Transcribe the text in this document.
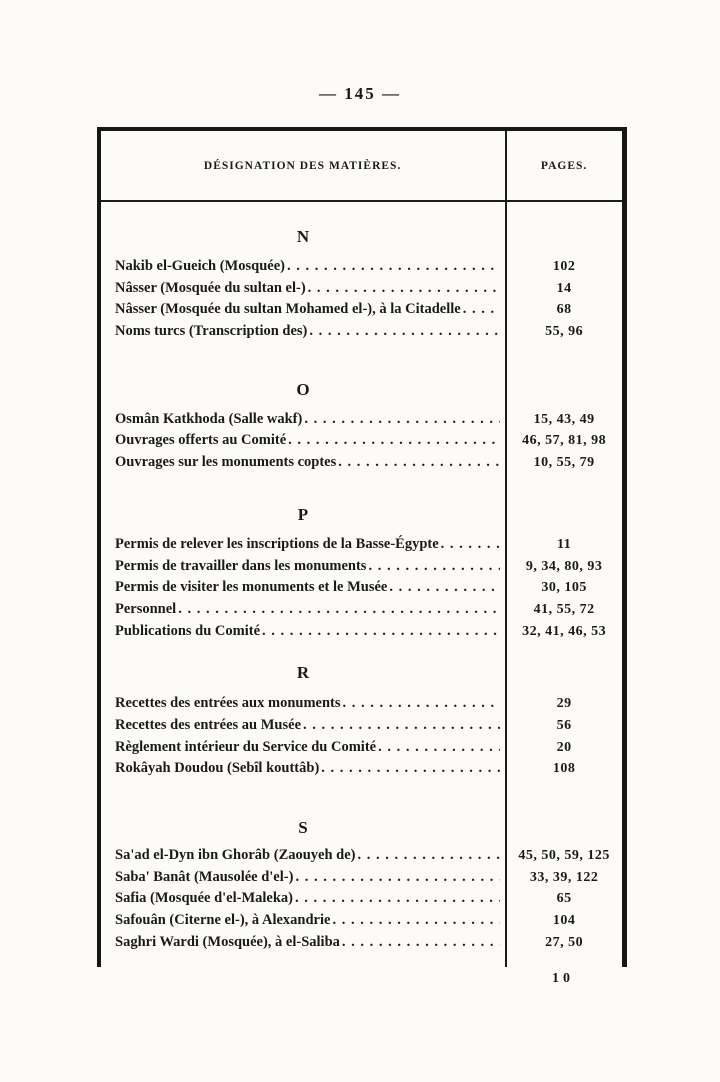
— 145 —
DÉSIGNATION DES MATIÈRES.	PAGES.
N
Nakib el-Gueich (Mosquée) . . .	102
Nâsser (Mosquée du sultan el-) . . .	14
Nâsser (Mosquée du sultan Mohamed el-), à la Citadelle . . .	68
Noms turcs (Transcription des) . . .	55, 96
O
Osmân Katkhoda (Salle wakf) . . .	15, 43, 49
Ouvrages offerts au Comité . . .	46, 57, 81, 98
Ouvrages sur les monuments coptes . . .	10, 55, 79
P
Permis de relever les inscriptions de la Basse-Égypte . . .	11
Permis de travailler dans les monuments . . .	9, 34, 80, 93
Permis de visiter les monuments et le Musée . . .	30, 105
Personnel . . .	41, 55, 72
Publications du Comité . . .	32, 41, 46, 53
R
Recettes des entrées aux monuments . . .	29
Recettes des entrées au Musée . . .	56
Règlement intérieur du Service du Comité . . .	20
Rokâyah Doudou (Sebîl kouttâb) . . .	108
S
Sa'ad el-Dyn ibn Ghorâb (Zaouyeh de) . . .	45, 50, 59, 125
Saba' Banât (Mausolée d'el-) . . .	33, 39, 122
Safia (Mosquée d'el-Maleka) . . .	65
Safouân (Citerne el-), à Alexandrie . . .	104
Saghri Wardi (Mosquée), à el-Saliba . . .	27, 50
10
